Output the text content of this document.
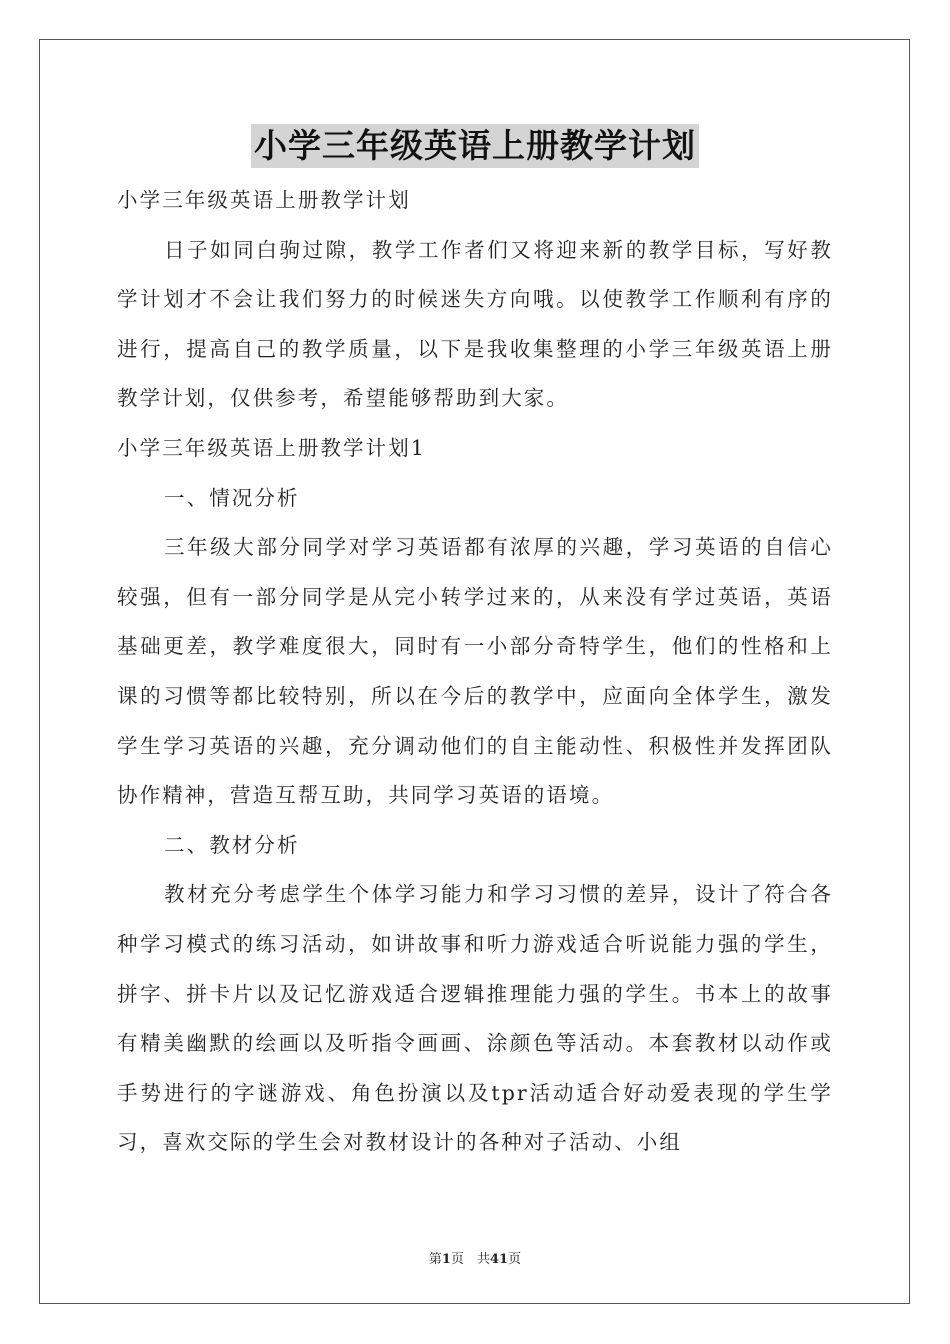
小学三年级英语上册教学计划

小学三年级英语上册教学计划

日子如同白驹过隙，教学工作者们又将迎来新的教学目标，写好教学计划才不会让我们努力的时候迷失方向哦。以使教学工作顺利有序的进行，提高自己的教学质量，以下是我收集整理的小学三年级英语上册教学计划，仅供参考，希望能够帮助到大家。

小学三年级英语上册教学计划1

一、情况分析

三年级大部分同学对学习英语都有浓厚的兴趣，学习英语的自信心较强，但有一部分同学是从完小转学过来的，从来没有学过英语，英语基础更差，教学难度很大，同时有一小部分奇特学生，他们的性格和上课的习惯等都比较特别，所以在今后的教学中，应面向全体学生，激发学生学习英语的兴趣，充分调动他们的自主能动性、积极性并发挥团队协作精神，营造互帮互助，共同学习英语的语境。

二、教材分析

教材充分考虑学生个体学习能力和学习习惯的差异，设计了符合各种学习模式的练习活动，如讲故事和听力游戏适合听说能力强的学生，拼字、拼卡片以及记忆游戏适合逻辑推理能力强的学生。书本上的故事有精美幽默的绘画以及听指令画画、涂颜色等活动。本套教材以动作或手势进行的字谜游戏、角色扮演以及tpr活动适合好动爱表现的学生学习，喜欢交际的学生会对教材设计的各种对子活动、小组

第1页　共41页
